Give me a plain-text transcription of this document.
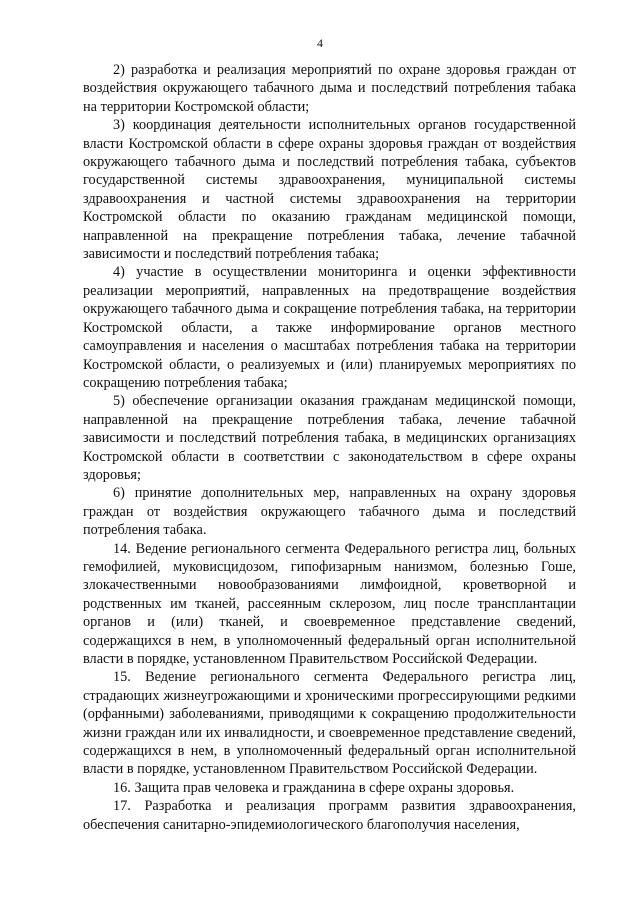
4

2) разработка и реализация мероприятий по охране здоровья граждан от воздействия окружающего табачного дыма и последствий потребления табака на территории Костромской области;

3) координация деятельности исполнительных органов государственной власти Костромской области в сфере охраны здоровья граждан от воздействия окружающего табачного дыма и последствий потребления табака, субъектов государственной системы здравоохранения, муниципальной системы здравоохранения и частной системы здравоохранения на территории Костромской области по оказанию гражданам медицинской помощи, направленной на прекращение потребления табака, лечение табачной зависимости и последствий потребления табака;

4) участие в осуществлении мониторинга и оценки эффективности реализации мероприятий, направленных на предотвращение воздействия окружающего табачного дыма и сокращение потребления табака, на территории Костромской области, а также информирование органов местного самоуправления и населения о масштабах потребления табака на территории Костромской области, о реализуемых и (или) планируемых мероприятиях по сокращению потребления табака;

5) обеспечение организации оказания гражданам медицинской помощи, направленной на прекращение потребления табака, лечение табачной зависимости и последствий потребления табака, в медицинских организациях Костромской области в соответствии с законодательством в сфере охраны здоровья;

6) принятие дополнительных мер, направленных на охрану здоровья граждан от воздействия окружающего табачного дыма и последствий потребления табака.

14. Ведение регионального сегмента Федерального регистра лиц, больных гемофилией, муковисцидозом, гипофизарным нанизмом, болезнью Гоше, злокачественными новообразованиями лимфоидной, кроветворной и родственных им тканей, рассеянным склерозом, лиц после трансплантации органов и (или) тканей, и своевременное представление сведений, содержащихся в нем, в уполномоченный федеральный орган исполнительной власти в порядке, установленном Правительством Российской Федерации.

15. Ведение регионального сегмента Федерального регистра лиц, страдающих жизнеугрожающими и хроническими прогрессирующими редкими (орфанными) заболеваниями, приводящими к сокращению продолжительности жизни граждан или их инвалидности, и своевременное представление сведений, содержащихся в нем, в уполномоченный федеральный орган исполнительной власти в порядке, установленном Правительством Российской Федерации.

16. Защита прав человека и гражданина в сфере охраны здоровья.

17. Разработка и реализация программ развития здравоохранения, обеспечения санитарно-эпидемиологического благополучия населения,
